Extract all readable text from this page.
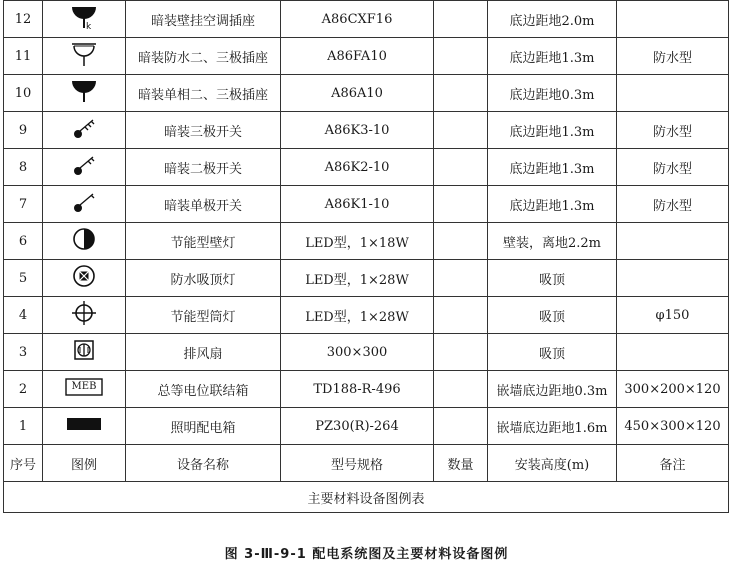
12	k	暗装壁挂空调插座	A86CXF16		底边距地2.0m	
11		暗装防水二、三极插座	A86FA10		底边距地1.3m	防水型
10		暗装单相二、三极插座	A86A10		底边距地0.3m	
9		暗装三极开关	A86K3-10		底边距地1.3m	防水型
8		暗装二极开关	A86K2-10		底边距地1.3m	防水型
7		暗装单极开关	A86K1-10		底边距地1.3m	防水型
6		节能型壁灯	LED型，1×18W		壁装，离地2.2m	
5		防水吸顶灯	LED型，1×28W		吸顶	
4		节能型筒灯	LED型，1×28W		吸顶	φ150
3		排风扇	300×300		吸顶	
2	MEB	总等电位联结箱	TD188-R-496		嵌墙底边距地0.3m	300×200×120
1		照明配电箱	PZ30(R)-264		嵌墙底边距地1.6m	450×300×120
序号	图例	设备名称	型号规格	数量	安装高度(m)	备注
主要材料设备图例表						
图 3-Ⅲ-9-1 配电系统图及主要材料设备图例
